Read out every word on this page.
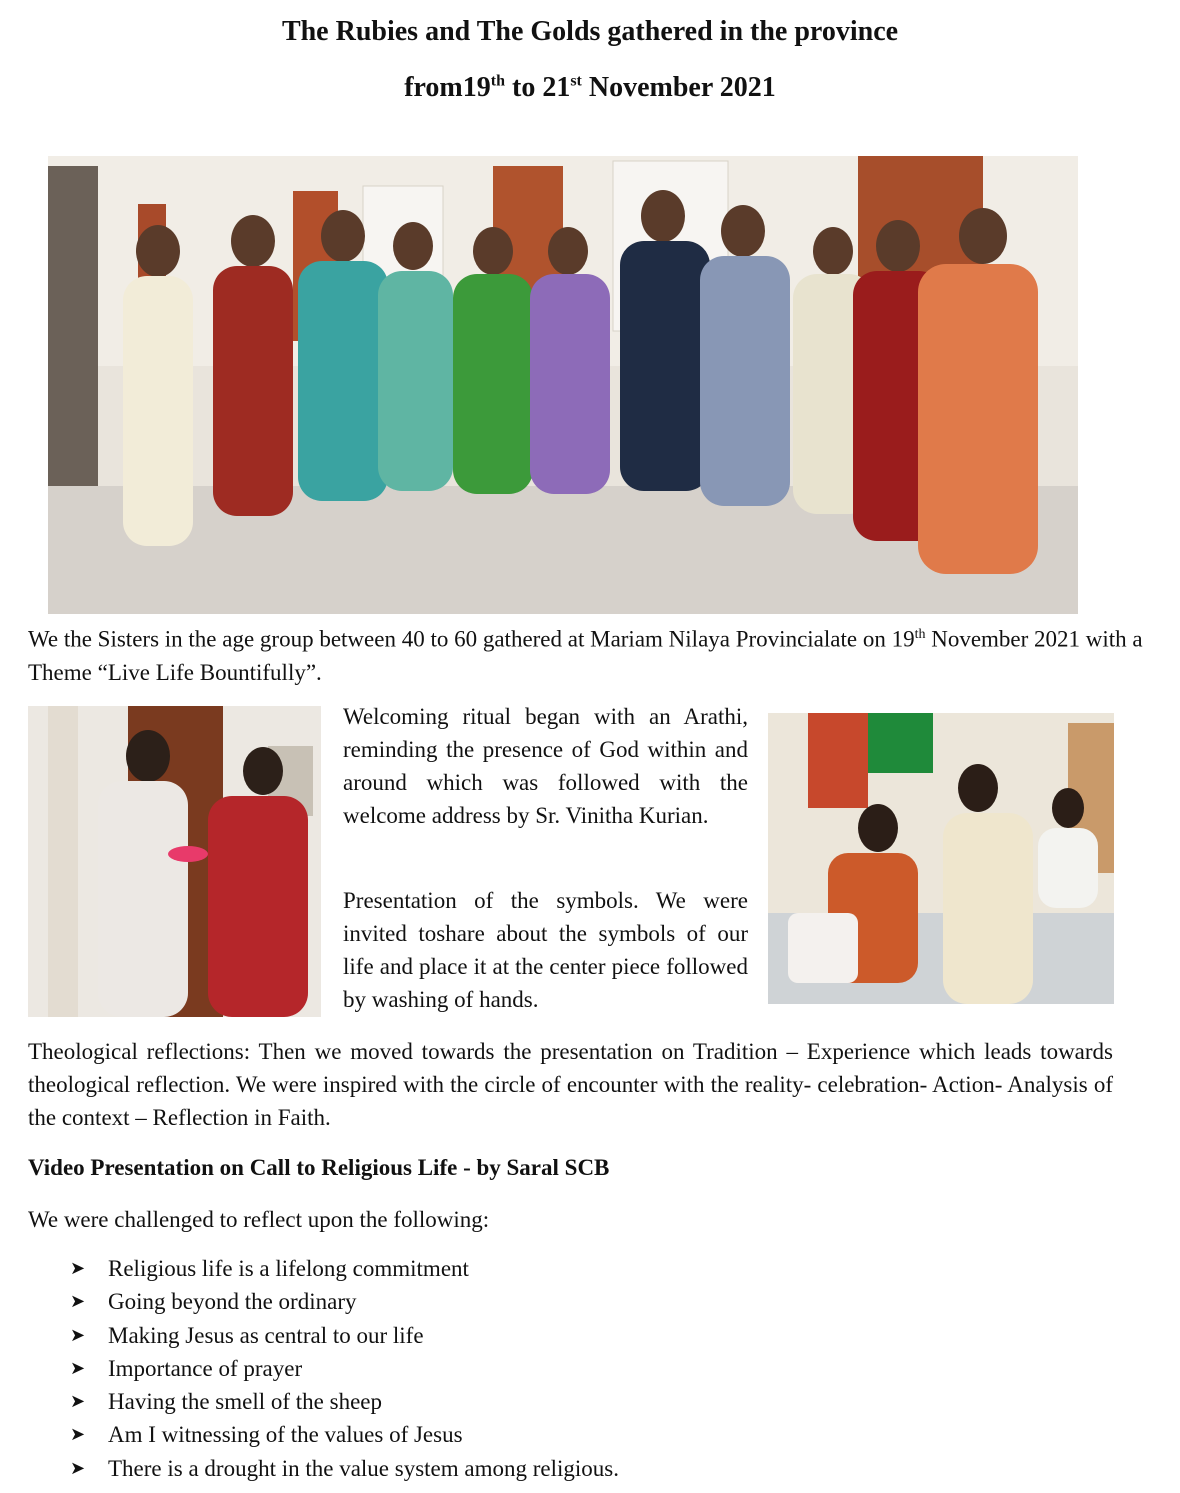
The Rubies and The Golds gathered in the province
from19th to 21st November 2021

We the Sisters in the age group between 40 to 60 gathered at Mariam Nilaya Provincialate on 19th November 2021 with a Theme “Live Life Bountifully”.

Welcoming ritual began with an Arathi, reminding the presence of God within and around which was followed with the welcome address by Sr. Vinitha Kurian.

Presentation of the symbols. We were invited toshare about the symbols of our life and place it at the center piece followed by washing of hands.

Theological reflections: Then we moved towards the presentation on Tradition – Experience which leads towards theological reflection. We were inspired with the circle of encounter with the reality- celebration- Action- Analysis of the context – Reflection in Faith.

Video Presentation on Call to Religious Life - by Saral SCB

We were challenged to reflect upon the following:

➤ Religious life is a lifelong commitment
➤ Going beyond the ordinary
➤ Making Jesus as central to our life
➤ Importance of prayer
➤ Having the smell of the sheep
➤ Am I witnessing of the values of Jesus
➤ There is a drought in the value system among religious.
